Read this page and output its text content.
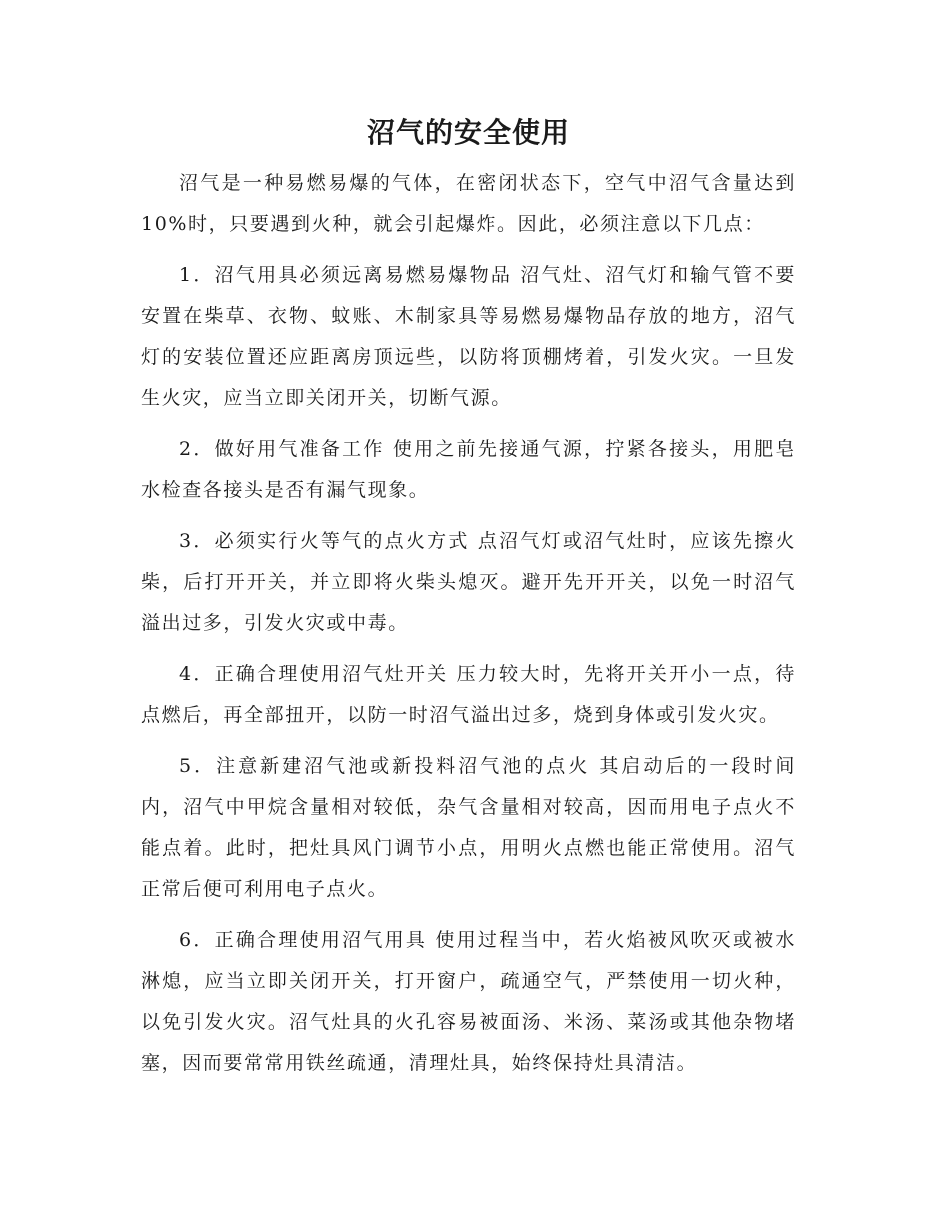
沼气的安全使用

沼气是一种易燃易爆的气体，在密闭状态下，空气中沼气含量达到10%时，只要遇到火种，就会引起爆炸。因此，必须注意以下几点：

1．沼气用具必须远离易燃易爆物品 沼气灶、沼气灯和输气管不要安置在柴草、衣物、蚊账、木制家具等易燃易爆物品存放的地方，沼气灯的安装位置还应距离房顶远些，以防将顶棚烤着，引发火灾。一旦发生火灾，应当立即关闭开关，切断气源。

2．做好用气准备工作 使用之前先接通气源，拧紧各接头，用肥皂水检查各接头是否有漏气现象。

3．必须实行火等气的点火方式 点沼气灯或沼气灶时，应该先擦火柴，后打开开关，并立即将火柴头熄灭。避开先开开关，以免一时沼气溢出过多，引发火灾或中毒。

4．正确合理使用沼气灶开关 压力较大时，先将开关开小一点，待点燃后，再全部扭开，以防一时沼气溢出过多，烧到身体或引发火灾。

5．注意新建沼气池或新投料沼气池的点火 其启动后的一段时间内，沼气中甲烷含量相对较低，杂气含量相对较高，因而用电子点火不能点着。此时，把灶具风门调节小点，用明火点燃也能正常使用。沼气正常后便可利用电子点火。

6．正确合理使用沼气用具 使用过程当中，若火焰被风吹灭或被水淋熄，应当立即关闭开关，打开窗户，疏通空气，严禁使用一切火种，以免引发火灾。沼气灶具的火孔容易被面汤、米汤、菜汤或其他杂物堵塞，因而要常常用铁丝疏通，清理灶具，始终保持灶具清洁。
